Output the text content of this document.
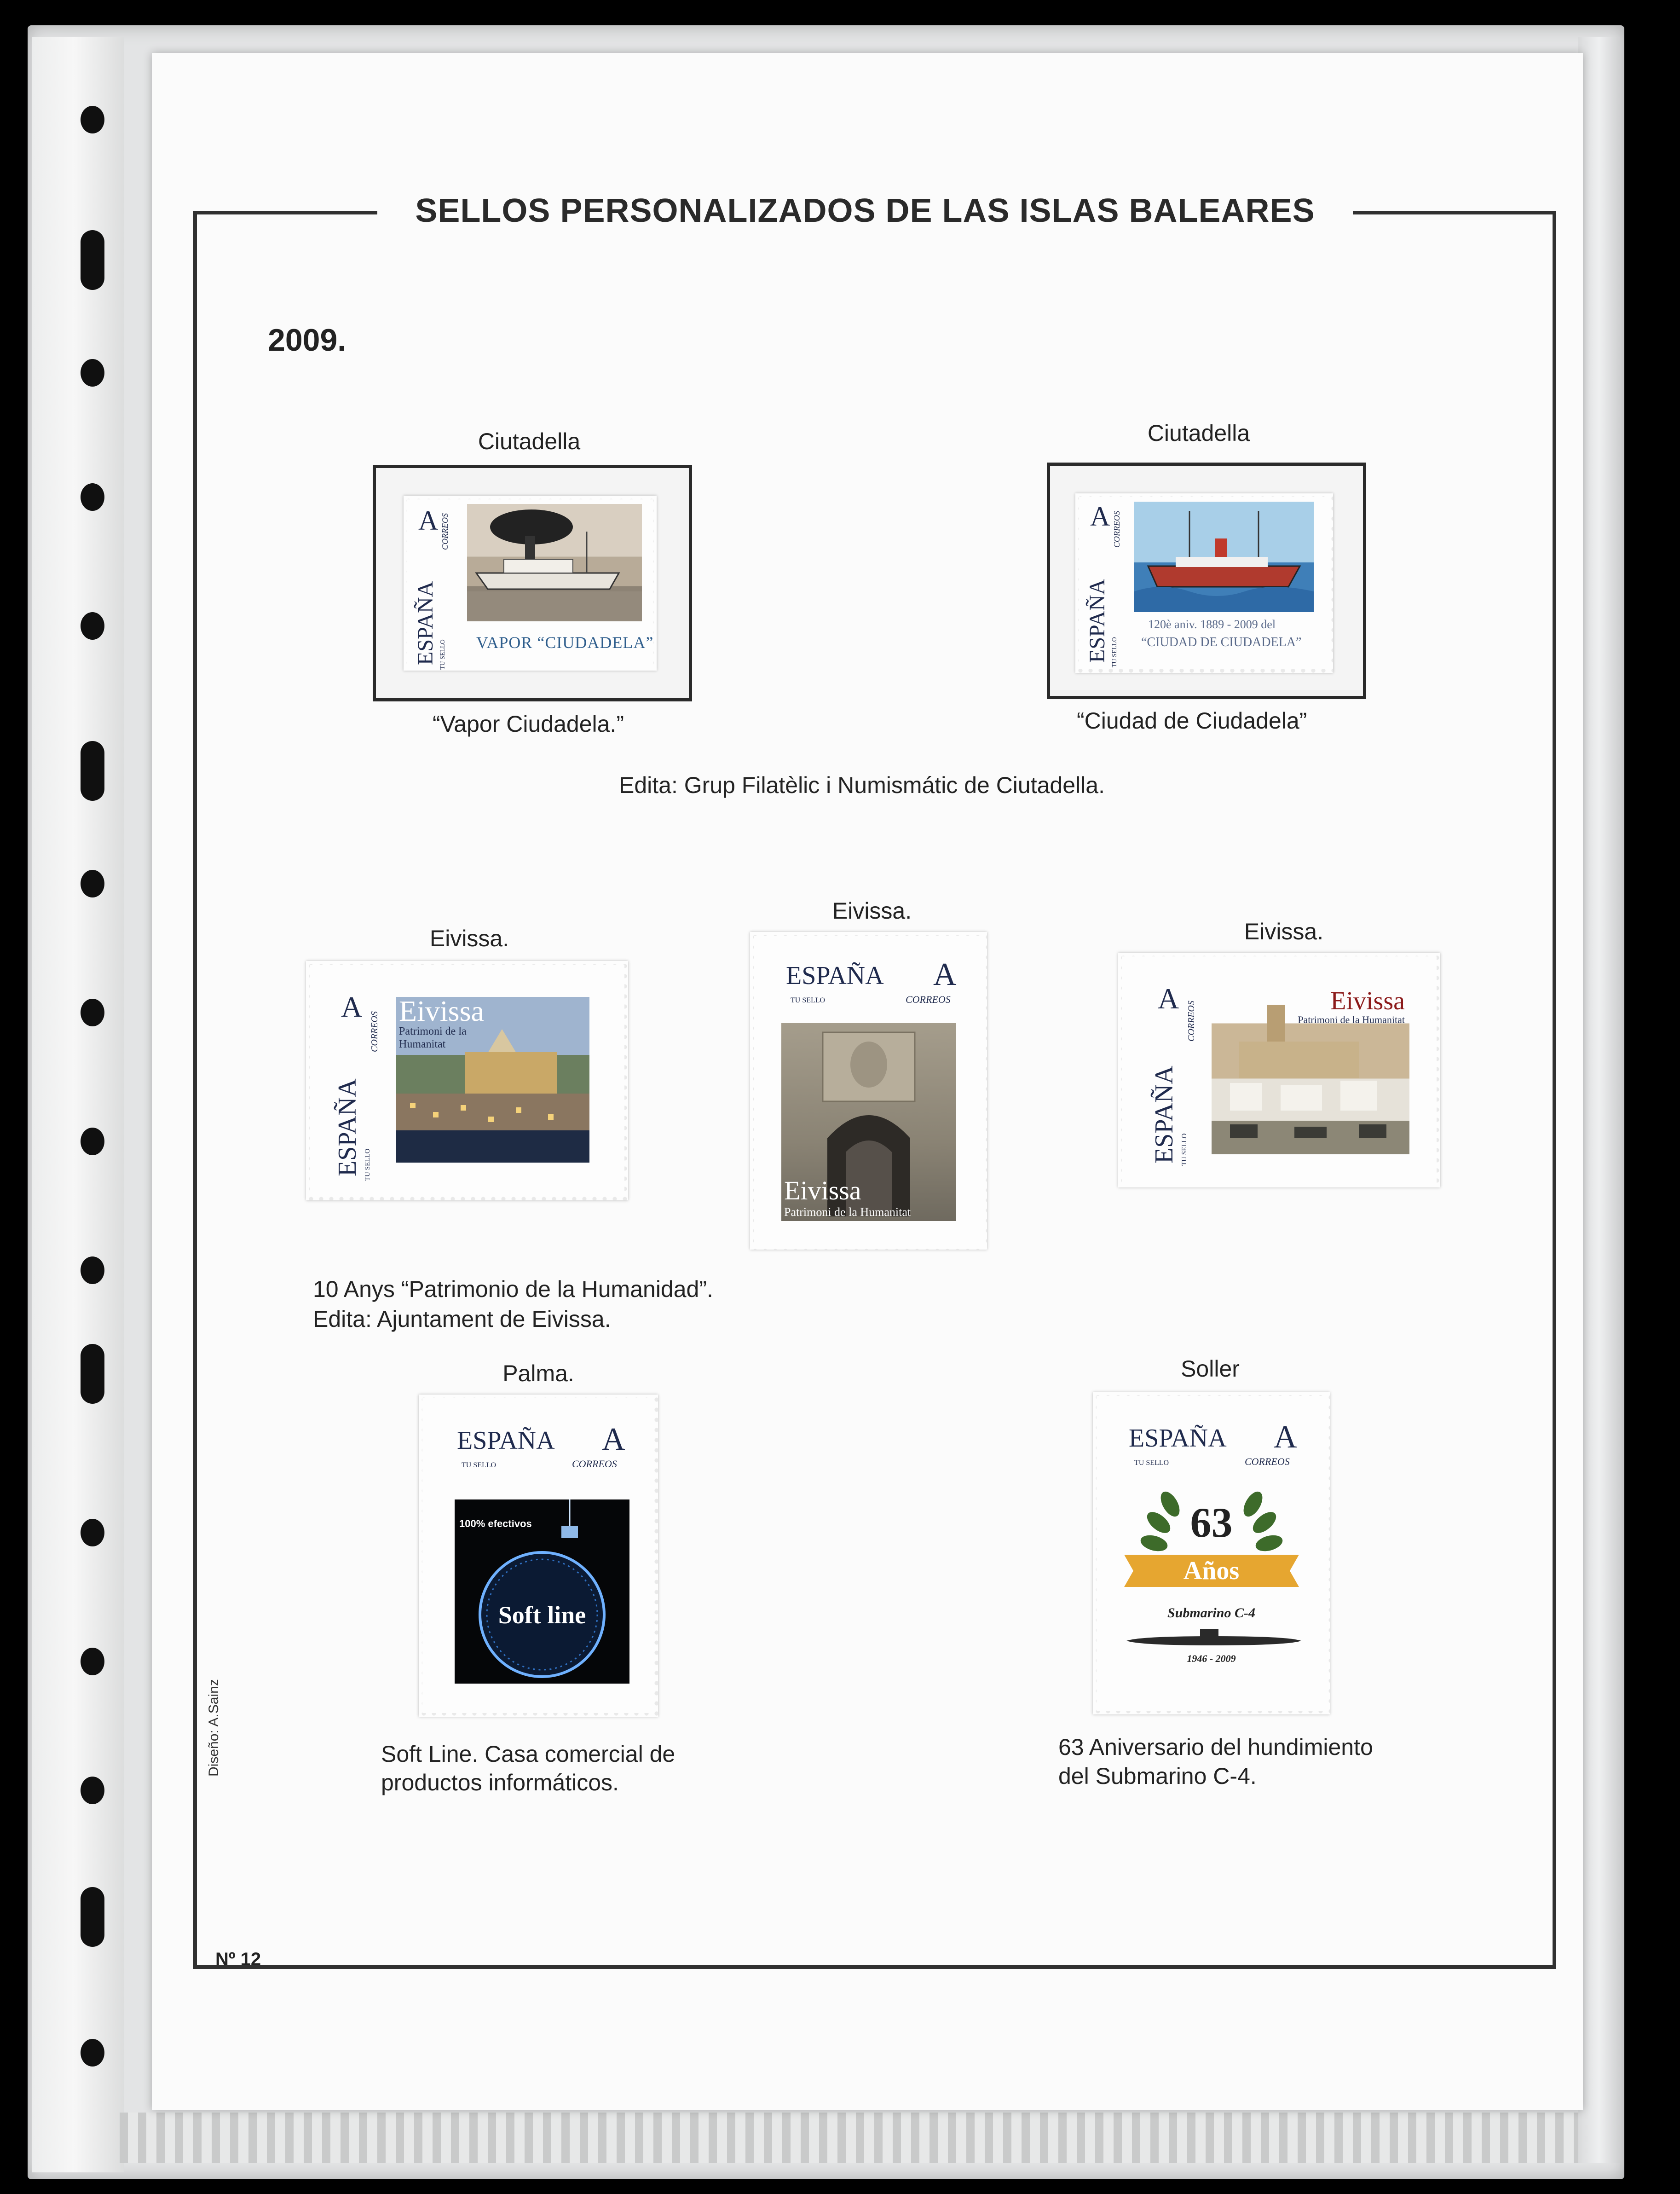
SELLOS PERSONALIZADOS DE LAS ISLAS BALEARES
2009.
Ciutadella
ESPAÑA TU SELLO
A CORREOS
VAPOR “CIUDADELA”
“Vapor Ciudadela.”
Ciutadella
ESPAÑA TU SELLO
A CORREOS
120è aniv. 1889 - 2009 del
“CIUDAD DE CIUDADELA”
“Ciudad de Ciudadela”
Edita: Grup Filatèlic i Numismátic de Ciutadella.
Eivissa.
ESPAÑA TU SELLO
A
CORREOS
Eivissa
Patrimoni de la
Humanitat
Eivissa.
ESPAÑA
TU SELLO
A
CORREOS
Eivissa
Patrimoni de la Humanitat
Eivissa.
ESPAÑA TU SELLO
A
CORREOS	Eivissa
Patrimoni de la Humanitat
10 Anys “Patrimonio de la Humanidad”.
Edita: Ajuntament de Eivissa.
Palma.
ESPAÑA
TU SELLO
A
CORREOS
100% efectivos
Soft line
Soft Line. Casa comercial de
productos informáticos.
Soller
ESPAÑA
TU SELLO
A
CORREOS
63
Años
Submarino C-4
1946 - 2009
63 Aniversario del hundimiento
del Submarino C-4.
Diseño: A.Sainz
Nº 12
